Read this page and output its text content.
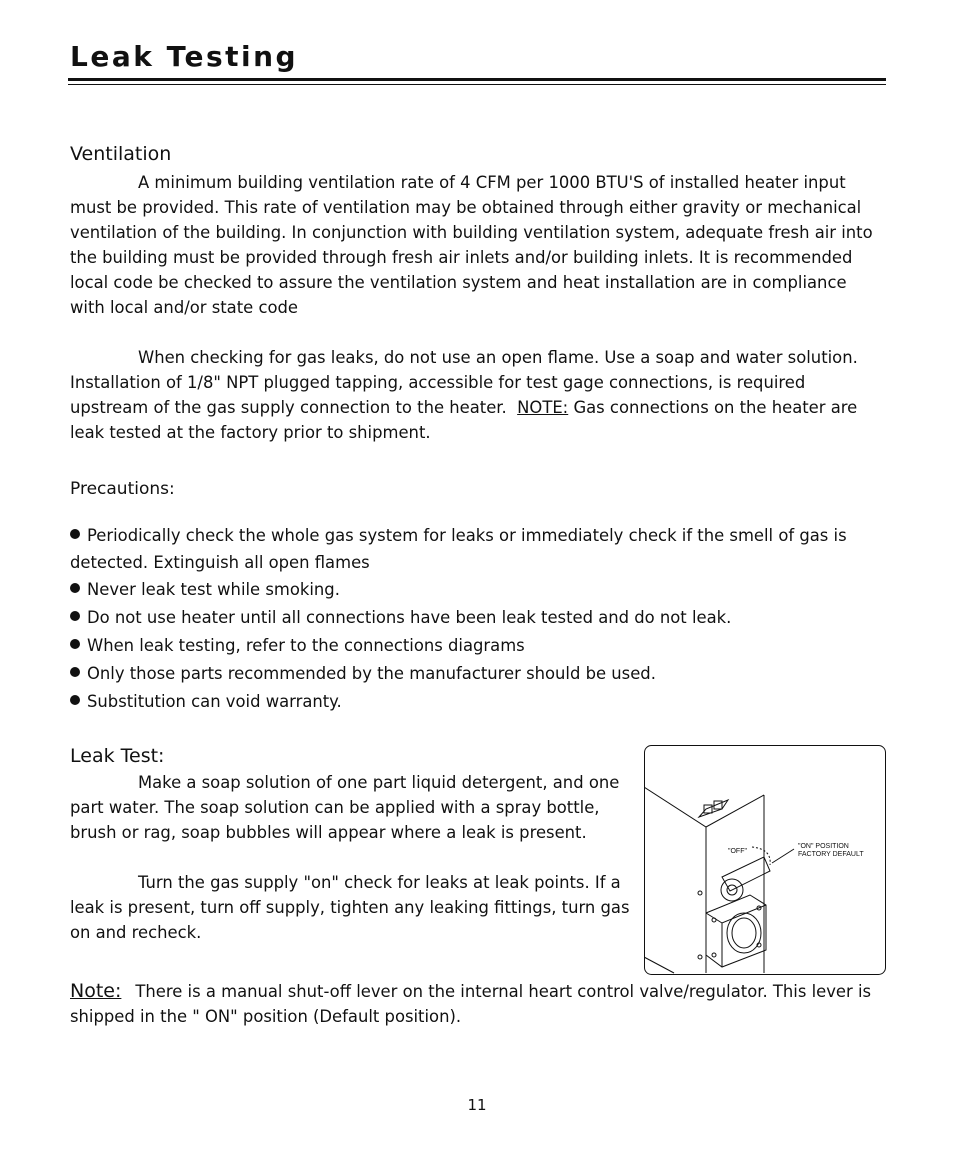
Leak Testing
Ventilation

A minimum building ventilation rate of 4 CFM per 1000 BTU'S of installed heater input must be provided. This rate of ventilation may be obtained through either gravity or mechanical ventilation of the building. In conjunction with building ventilation system, adequate fresh air into the building must be provided through fresh air inlets and/or building inlets. It is recommended local code be checked to assure the ventilation system and heat installation are in compliance with local and/or state code

When checking for gas leaks, do not use an open flame. Use a soap and water solution. Installation of 1/8" NPT plugged tapping, accessible for test gage connections, is required upstream of the gas supply connection to the heater. NOTE: Gas connections on the heater are leak tested at the factory prior to shipment.

Precautions:
Periodically check the whole gas system for leaks or immediately check if the smell of gas is detected. Extinguish all open flames
Never leak test while smoking.
Do not use heater until all connections have been leak tested and do not leak.
When leak testing, refer to the connections diagrams
Only those parts recommended by the manufacturer should be used.
Substitution can void warranty.
Leak Test:

Make a soap solution of one part liquid detergent, and one part water. The soap solution can be applied with a spray bottle, brush or rag, soap bubbles will appear where a leak is present.

Turn the gas supply "on" check for leaks at leak points. If a leak is present, turn off supply, tighten any leaking fittings, turn gas on and recheck.

Note: There is a manual shut-off lever on the internal heart control valve/regulator. This lever is shipped in the " ON" position (Default position).

"OFF"
"ON" POSITION
FACTORY DEFAULT

11
